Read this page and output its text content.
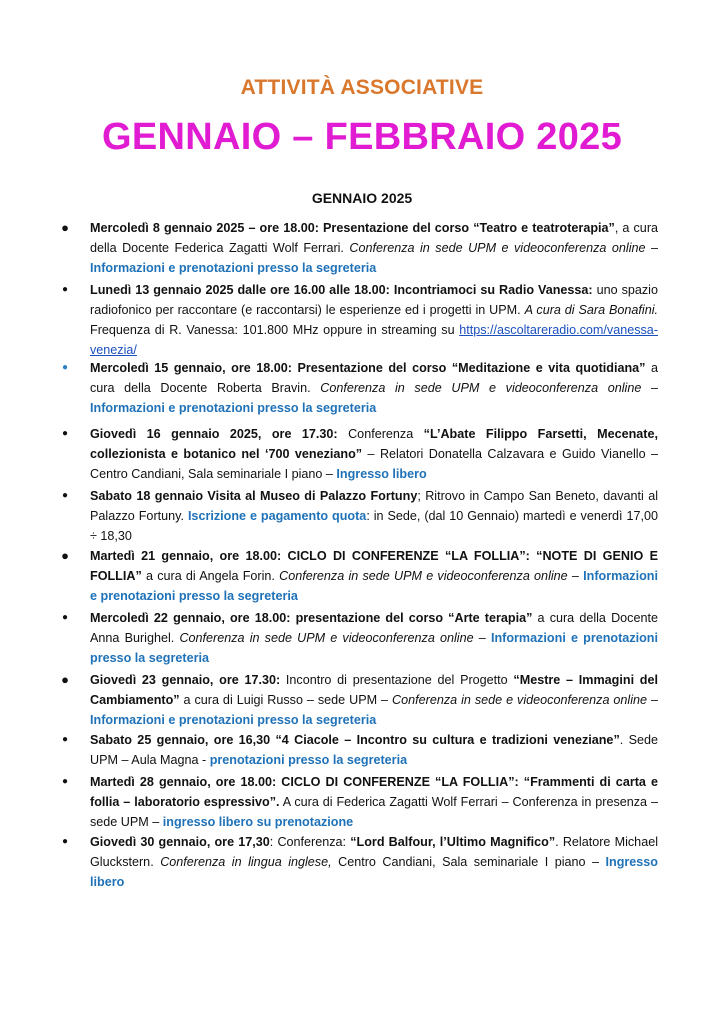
ATTIVITÀ ASSOCIATIVE
GENNAIO – FEBBRAIO 2025
GENNAIO 2025
●	Mercoledì 8 gennaio 2025 – ore 18.00: Presentazione del corso “Teatro e teatroterapia”, a cura della Docente Federica Zagatti Wolf Ferrari. Conferenza in sede UPM e videoconferenza online – Informazioni e prenotazioni presso la segreteria
●	Lunedì 13 gennaio 2025 dalle ore 16.00 alle 18.00: Incontriamoci su Radio Vanessa: uno spazio radiofonico per raccontare (e raccontarsi) le esperienze ed i progetti in UPM. A cura di Sara Bonafini. Frequenza di R. Vanessa: 101.800 MHz oppure in streaming su https://ascoltareradio.com/vanessa-venezia/
●	Mercoledì 15 gennaio, ore 18.00: Presentazione del corso “Meditazione e vita quotidiana” a cura della Docente Roberta Bravin. Conferenza in sede UPM e videoconferenza online – Informazioni e prenotazioni presso la segreteria
●	Giovedì 16 gennaio 2025, ore 17.30: Conferenza “L’Abate Filippo Farsetti, Mecenate, collezionista e botanico nel ‘700 veneziano” – Relatori Donatella Calzavara e Guido Vianello – Centro Candiani, Sala seminariale I piano – Ingresso libero
●	Sabato 18 gennaio Visita al Museo di Palazzo Fortuny; Ritrovo in Campo San Beneto, davanti al Palazzo Fortuny. Iscrizione e pagamento quota: in Sede, (dal 10 Gennaio) martedì e venerdì 17,00 ÷ 18,30
●	Martedì 21 gennaio, ore 18.00: CICLO DI CONFERENZE “LA FOLLIA”: “NOTE DI GENIO E FOLLIA” a cura di Angela Forin. Conferenza in sede UPM e videoconferenza online – Informazioni e prenotazioni presso la segreteria
●	Mercoledì 22 gennaio, ore 18.00: presentazione del corso “Arte terapia” a cura della Docente Anna Burighel. Conferenza in sede UPM e videoconferenza online – Informazioni e prenotazioni presso la segreteria
●	Giovedì 23 gennaio, ore 17.30: Incontro di presentazione del Progetto “Mestre – Immagini del Cambiamento” a cura di Luigi Russo – sede UPM – Conferenza in sede e videoconferenza online – Informazioni e prenotazioni presso la segreteria
●	Sabato 25 gennaio, ore 16,30 “4 Ciacole – Incontro su cultura e tradizioni veneziane”. Sede UPM – Aula Magna - prenotazioni presso la segreteria
●	Martedì 28 gennaio, ore 18.00: CICLO DI CONFERENZE “LA FOLLIA”: “Frammenti di carta e follia – laboratorio espressivo”. A cura di Federica Zagatti Wolf Ferrari – Conferenza in presenza – sede UPM – ingresso libero su prenotazione
●	Giovedì 30 gennaio, ore 17,30: Conferenza: “Lord Balfour, l’Ultimo Magnifico”. Relatore Michael Gluckstern. Conferenza in lingua inglese, Centro Candiani, Sala seminariale I piano – Ingresso libero
